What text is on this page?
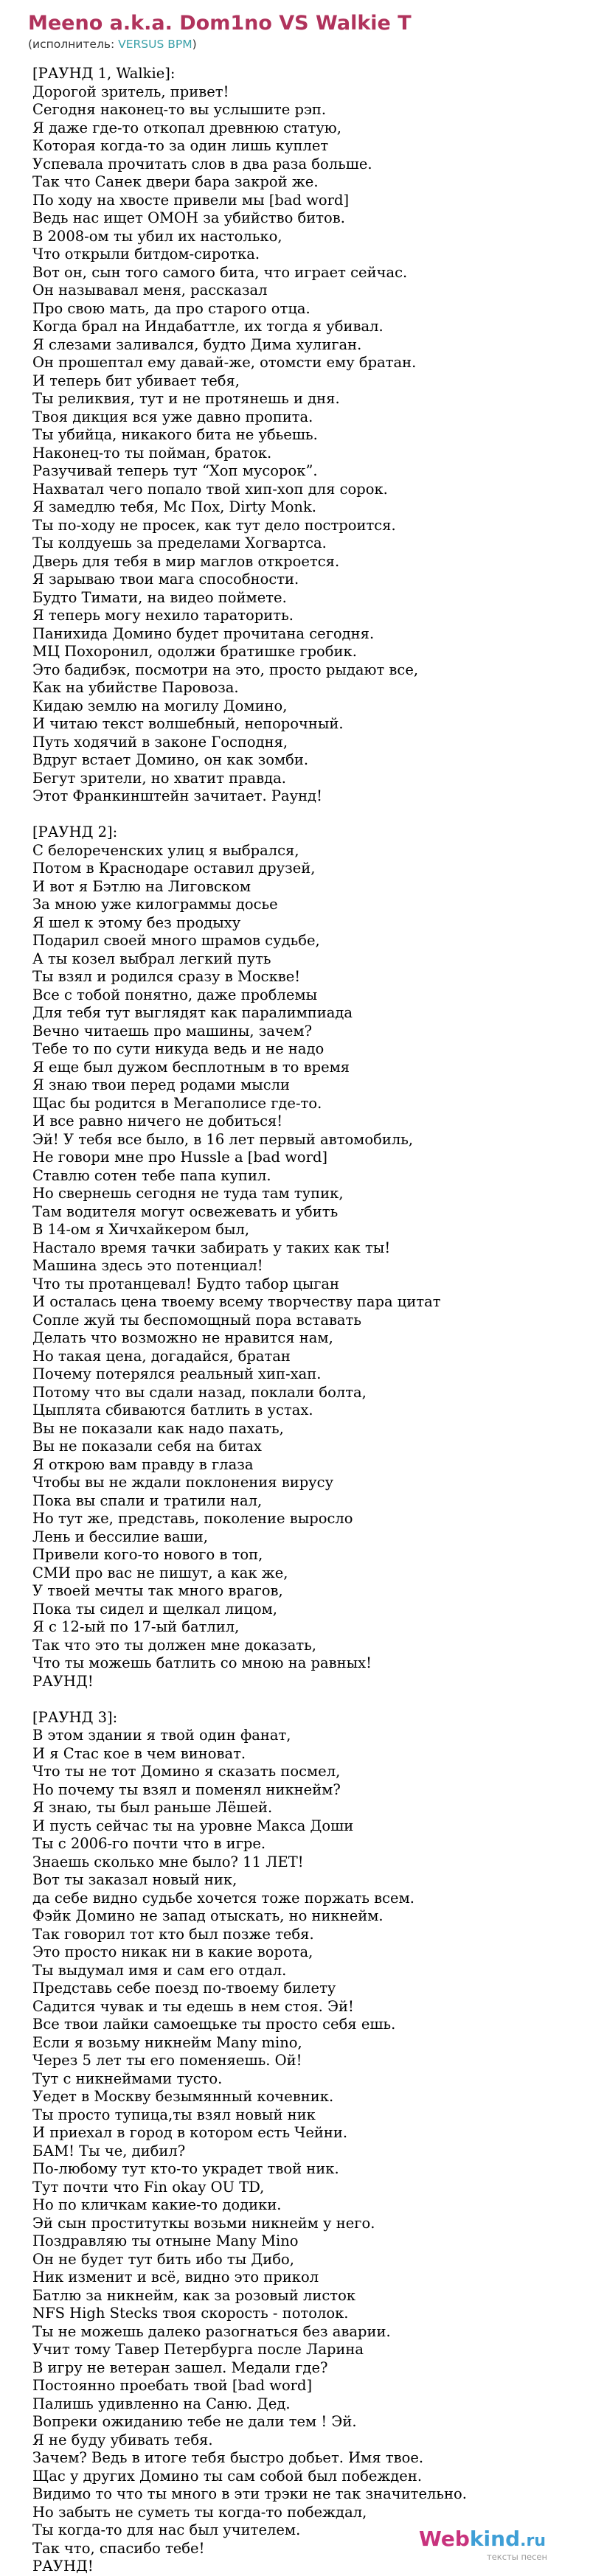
Meeno a.k.a. Dom1no VS Walkie T

(исполнитель: VERSUS BPM)

[РАУНД 1, Walkie]:

Дорогой зритель, привет!

Сегодня наконец-то вы услышите рэп.

Я даже где-то откопал древнюю статую,

Которая когда-то за один лишь куплет

Успевала прочитать слов в два раза больше.

Так что Санек двери бара закрой же.

По ходу на хвосте привели мы [bad word]

Ведь нас ищет ОМОН за убийство битов.

В 2008-ом ты убил их настолько,

Что открыли битдом-сиротка.

Вот он, сын того самого бита, что играет сейчас.

Он называвал меня, рассказал

Про свою мать, да про старого отца.

Когда брал на Индабаттле, их тогда я убивал.

Я слезами заливался, будто Дима хулиган.

Он прошептал ему давай-же, отомсти ему братан.

И теперь бит убивает тебя,

Ты реликвия, тут и не протянешь и дня.

Твоя дикция вся уже давно пропита.

Ты убийца, никакого бита не убьешь.

Наконец-то ты пойман, браток.

Разучивай теперь тут “Хоп мусорок”.

Нахватал чего попало твой хип-хоп для сорок.

Я замедлю тебя, Mc Пох, Dirty Monk.

Ты по-ходу не просек, как тут дело построится.

Ты колдуешь за пределами Хогвартса.

Дверь для тебя в мир маглов откроется.

Я зарываю твои мага способности.

Будто Тимати, на видео поймете.

Я теперь могу нехило тараторить.

Панихида Домино будет прочитана сегодня.

МЦ Похоронил, одолжи братишке гробик.

Это бадибэк, посмотри на это, просто рыдают все,

Как на убийстве Паровоза.

Кидаю землю на могилу Домино,

И читаю текст волшебный, непорочный.

Путь ходячий в законе Господня,

Вдруг встает Домино, он как зомби.

Бегут зрители, но хватит правда.

Этот Франкинштейн зачитает. Раунд!

[РАУНД 2]:

С белореченских улиц я выбрался,

Потом в Краснодаре оставил друзей,

И вот я Бэтлю на Лиговском

За мною уже килограммы досье

Я шел к этому без продыху

Подарил своей много шрамов судьбе,

А ты козел выбрал легкий путь

Ты взял и родился сразу в Москве!

Все с тобой понятно, даже проблемы

Для тебя тут выглядят как паралимпиада

Вечно читаешь про машины, зачем?

Тебе то по сути никуда ведь и не надо

Я еще был дужом бесплотным в то время

Я знаю твои перед родами мысли

Щас бы родится в Мегаполисе где-то.

И все равно ничего не добиться!

Эй! У тебя все было, в 16 лет первый автомобиль,

Не говори мне про Hussle а [bad word]

Ставлю сотен тебе папа купил.

Но свернешь сегодня не туда там тупик,

Там водителя могут освежевать и убить

В 14-ом я Хичхайкером был,

Настало время тачки забирать у таких как ты!

Машина здесь это потенциал!

Что ты протанцевал! Будто табор цыган

И осталась цена твоему всему творчеству пара цитат

Сопле жуй ты беспомощный пора вставать

Делать что возможно не нравится нам,

Но такая цена, догадайся, братан

Почему потерялся реальный хип-хап.

Потому что вы сдали назад, поклали болта,

Цыплята сбиваются батлить в устах.

Вы не показали как надо пахать,

Вы не показали себя на битах

Я открою вам правду в глаза

Чтобы вы не ждали поклонения вирусу

Пока вы спали и тратили нал,

Но тут же, представь, поколение выросло

Лень и бессилие ваши,

Привели кого-то нового в топ,

СМИ про вас не пишут, а как же,

У твоей мечты так много врагов,

Пока ты сидел и щелкал лицом,

Я с 12-ый по 17-ый батлил,

Так что это ты должен мне доказать,

Что ты можешь батлить со мною на равных!

РАУНД!

[РАУНД 3]:

В этом здании я твой один фанат,

И я Стас кое в чем виноват.

Что ты не тот Домино я сказать посмел,

Но почему ты взял и поменял никнейм?

Я знаю, ты был раньше Лёшей.

И пусть сейчас ты на уровне Макса Доши

Ты с 2006-го почти что в игре.

Знаешь сколько мне было? 11 ЛЕТ!

Вот ты заказал новый ник,

да себе видно судьбе хочется тоже поржать всем.

Фэйк Домино не запад отыскать, но никнейм.

Так говорил тот кто был позже тебя.

Это просто никак ни в какие ворота,

Ты выдумал имя и сам его отдал.

Представь себе поезд по-твоему билету

Садится чувак и ты едешь в нем стоя. Эй!

Все твои лайки самоещьке ты просто себя ешь.

Если я возьму никнейм Many mino,

Через 5 лет ты его поменяешь. Ой!

Тут с никнеймами тусто.

Уедет в Москву безымянный кочевник.

Ты просто тупица,ты взял новый ник

И приехал в город в котором есть Чейни.

БАМ! Ты че, дибил?

По-любому тут кто-то украдет твой ник.

Тут почти что Fin okay OU TD,

Но по кличкам какие-то додики.

Эй сын проституткы возьми никнейм у него.

Поздравляю ты отныне Many Mino

Он не будет тут бить ибо ты Дибо,

Ник изменит и всё, видно это прикол

Батлю за никнейм, как за розовый листок

NFS High Stecks твоя скорость - потолок.

Ты не можешь далеко разогнаться без аварии.

Учит тому Тавер Петербурга после Ларина

В игру не ветеран зашел. Медали где?

Постоянно проебать твой [bad word]

Палишь удивленно на Саню. Дед.

Вопреки ожиданию тебе не дали тем ! Эй.

Я не буду убивать тебя.

Зачем? Ведь в итоге тебя быстро добьет. Имя твое.

Щас у других Домино ты сам собой был побежден.

Видимо то что ты много в эти трэки не так значительно.

Но забыть не суметь ты когда-то побеждал,

Ты когда-то для нас был учителем.

Так что, спасибо тебе!

РАУНД!

Webkind.ru
тексты песен
